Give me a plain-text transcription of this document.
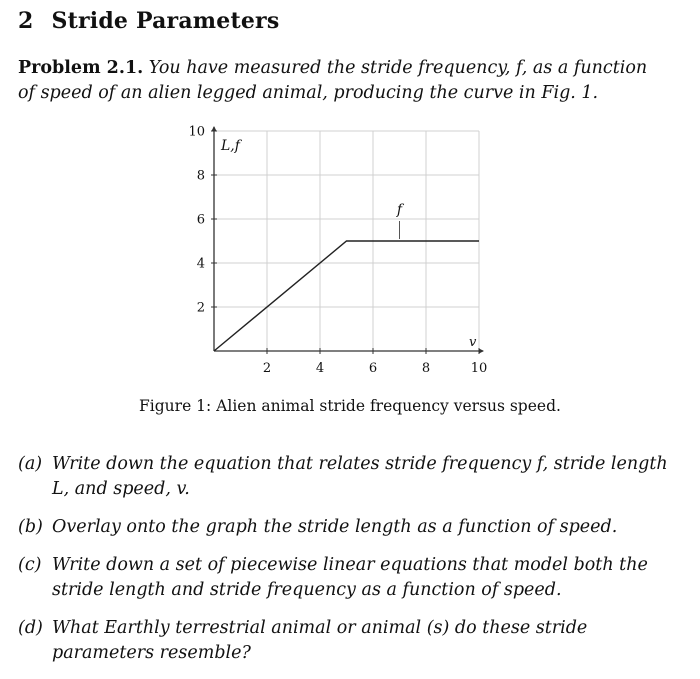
2 Stride Parameters
Problem 2.1. You have measured the stride frequency, f, as a function of speed of an alien legged animal, producing the curve in Fig. 1.
2	4	6	8	10
2
4
6
8
10
L,f
v
f
Figure 1: Alien animal stride frequency versus speed.
(a) Write down the equation that relates stride frequency f, stride length L, and speed, v.
(b) Overlay onto the graph the stride length as a function of speed.
(c) Write down a set of piecewise linear equations that model both the stride length and stride frequency as a function of speed.
(d) What Earthly terrestrial animal or animal (s) do these stride parameters resemble?
